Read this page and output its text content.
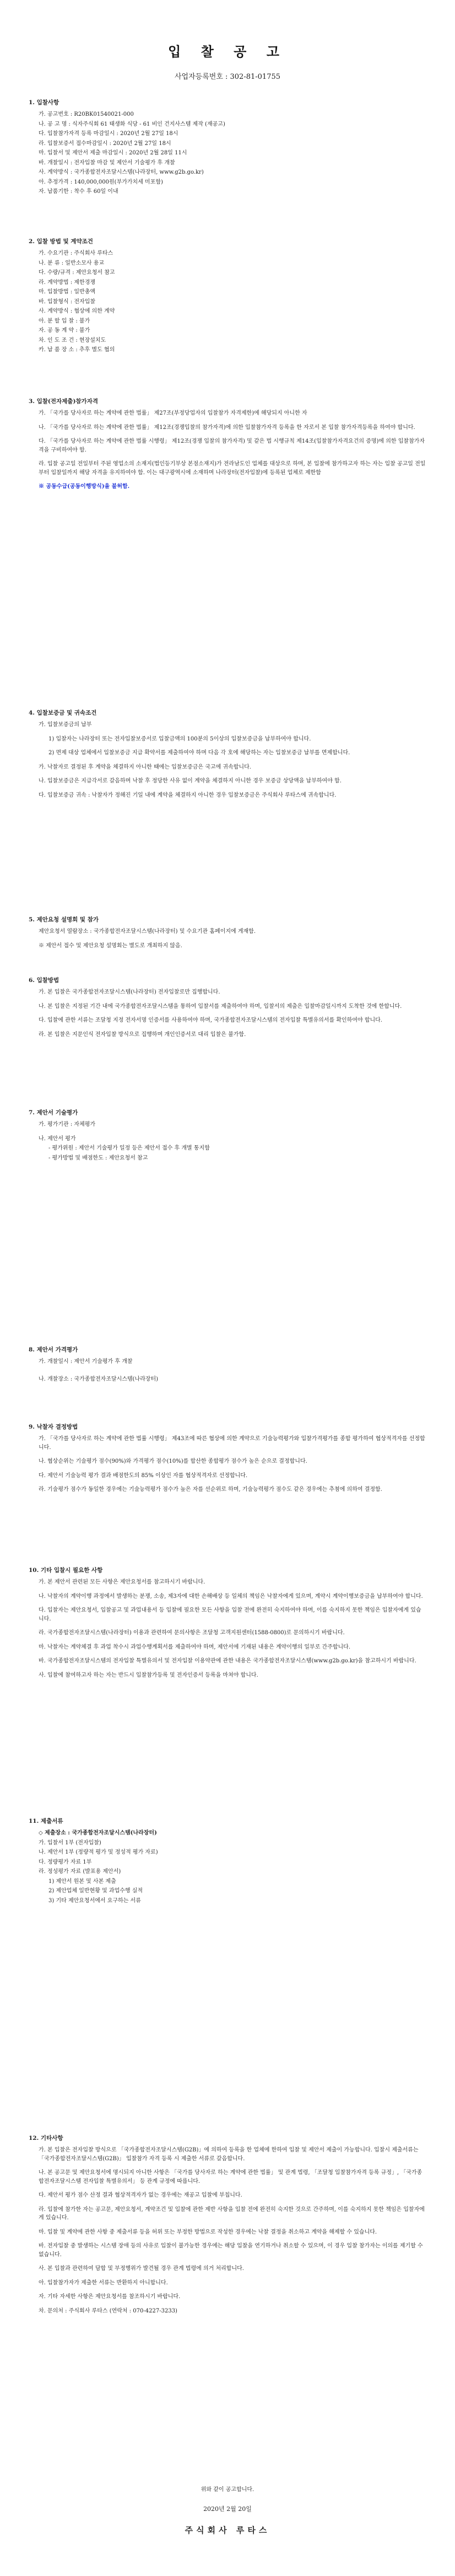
입 찰 공 고
사업자등록번호 : 302-81-01755
1. 입찰사항
가. 공고번호 : R20BK01540021-000
나. 공 고 명 : 식자주식회 61 태생화 식당 - 61 비인 건지사스템 제작 (재공고)
다. 입찰참가자격 등록 마감일시 : 2020년 2월 27일 18시
라. 입찰보증서 접수마감일시 : 2020년 2월 27일 18시
마. 입찰서 및 제안서 제출 마감일시 : 2020년 2월 28일 11시
바. 개찰일시 : 전자입찰 마감 및 제안서 기술평가 후 개찰
사. 계약방식 : 국가종합전자조달시스템(나라장터, www.g2b.go.kr)
아. 추정가격 : 140,000,000원(부가가치세 미포함)
자. 납품기한 : 착수 후 60일 이내
2. 입찰 방법 및 계약조건
가. 수요기관 : 주식회사 루타스
나. 분 류 : 일반소모사 용교
다. 수량/규격 : 제안요청서 참고
라. 계약방법 : 제한경쟁
마. 입찰방법 : 일반총액
바. 입찰형식 : 전자입찰
사. 계약방식 : 협상에 의한 계약
아. 분 할 입 찰 : 불가
자. 공 동 계 약 : 불가
차. 인 도 조 건 : 현장설치도
카. 납 품 장 소 : 추후 별도 협의
3. 입찰(전자제출)참가자격
가. 「국가를 당사자로 하는 계약에 관한 법률」 제27조(부정당업자의 입찰참가 자격제한)에 해당되지 아니한 자
나. 「국가를 당사자로 하는 계약에 관한 법률」 제12조(경쟁입찰의 참가자격)에 의한 입찰참가자격 등록을 한 자로서 본 입찰 참가자격등록을 하여야 합니다.
다. 「국가를 당사자로 하는 계약에 관한 법률 시행령」 제12조(경쟁 입찰의 참가자격) 및 같은 법 시행규칙 제14조(입찰참가자격요건의 증명)에 의한 입찰참가자격을 구비하여야 함.
라. 입찰 공고일 전일부터 주된 영업소의 소재지(법인등기부상 본점소재지)가 전라남도인 업체를 대상으로 하며, 본 입찰에 참가하고자 하는 자는 입찰 공고일 전일부터 입찰일까지 해당 자격을 유지하여야 함. 이는 대구광역시에 소재하며 나라장터(전자입찰)에 등록된 업체로 제한함
※ 공동수급(공동이행방식)을 불허함.
4. 입찰보증금 및 귀속조건
가. 입찰보증금의 납부
1) 입찰자는 나라장터 또는 전자입찰보증서로 입찰금액의 100분의 5이상의 입찰보증금을 납부하여야 합니다.
2) 면제 대상 업체에서 입찰보증금 지급 확약서를 제출하여야 하며 다음 각 호에 해당하는 자는 입찰보증금 납부를 면제합니다.
가. 낙찰자로 결정된 후 계약을 체결하지 아니한 때에는 입찰보증금은 국고에 귀속합니다.
나. 입찰보증금은 지급각서로 갈음하며 낙찰 후 정당한 사유 없이 계약을 체결하지 아니한 경우 보증금 상당액을 납부하여야 함.
다. 입찰보증금 귀속 : 낙찰자가 정해진 기일 내에 계약을 체결하지 아니한 경우 입찰보증금은 주식회사 루타스에 귀속합니다.
5. 제안요청 설명회 및 참가
제안요청서 열람장소 : 국가종합전자조달시스템(나라장터) 및 수요기관 홈페이지에 게재함.
※ 제안서 접수 및 제안요청 설명회는 별도로 개최하지 않음.
6. 입찰방법
가. 본 입찰은 국가종합전자조달시스템(나라장터) 전자입찰로만 집행합니다.
나. 본 입찰은 지정된 기간 내에 국가종합전자조달시스템을 통하여 입찰서를 제출하여야 하며, 입찰서의 제출은 입찰마감일시까지 도착한 것에 한합니다.
다. 입찰에 관한 서류는 조달청 지정 전자서명 인증서를 사용하여야 하며, 국가종합전자조달시스템의 전자입찰 특별유의서를 확인하여야 합니다.
라. 본 입찰은 지문인식 전자입찰 방식으로 집행하며 개인인증서로 대리 입찰은 불가함.
7. 제안서 기술평가
가. 평가기관 : 자체평가
나. 제안서 평가
- 평가위원 : 제안서 기술평가 일정 등은 제안서 접수 후 개별 통지함
- 평가방법 및 배점한도 : 제안요청서 참고
8. 제안서 가격평가
가. 개찰일시 : 제안서 기술평가 후 개찰
나. 개찰장소 : 국가종합전자조달시스템(나라장터)
9. 낙찰자 결정방법
가. 「국가를 당사자로 하는 계약에 관한 법률 시행령」 제43조에 따른 협상에 의한 계약으로 기술능력평가와 입찰가격평가를 종합 평가하여 협상적격자를 선정합니다.
나. 협상순위는 기술평가 점수(90%)와 가격평가 점수(10%)를 합산한 종합평가 점수가 높은 순으로 결정합니다.
다. 제안서 기술능력 평가 결과 배점한도의 85% 이상인 자를 협상적격자로 선정합니다.
라. 기술평가 점수가 동일한 경우에는 기술능력평가 점수가 높은 자를 선순위로 하며, 기술능력평가 점수도 같은 경우에는 추첨에 의하여 결정함.
10. 기타 입찰시 필요한 사항
가. 본 제안서 관련된 모든 사항은 제안요청서를 참고하시기 바랍니다.
나. 낙찰자의 계약이행 과정에서 발생하는 분쟁, 소송, 제3자에 대한 손해배상 등 일체의 책임은 낙찰자에게 있으며, 계약시 계약이행보증금을 납부하여야 합니다.
다. 입찰자는 제안요청서, 입찰공고 및 과업내용서 등 입찰에 필요한 모든 사항을 입찰 전에 완전히 숙지하여야 하며, 이를 숙지하지 못한 책임은 입찰자에게 있습니다.
라. 국가종합전자조달시스템(나라장터) 이용과 관련하여 문의사항은 조달청 고객지원센터(1588-0800)로 문의하시기 바랍니다.
마. 낙찰자는 계약체결 후 과업 착수시 과업수행계획서를 제출하여야 하며, 제안서에 기재된 내용은 계약이행의 일부로 간주합니다.
바. 국가종합전자조달시스템의 전자입찰 특별유의서 및 전자입찰 이용약관에 관한 내용은 국가종합전자조달시스템(www.g2b.go.kr)을 참고하시기 바랍니다.
사. 입찰에 참여하고자 하는 자는 반드시 입찰참가등록 및 전자인증서 등록을 마쳐야 합니다.
11. 제출서류
◇ 제출장소 : 국가종합전자조달시스템(나라장터)
가. 입찰서 1부 (전자입찰)
나. 제안서 1부 (정량적 평가 및 정성적 평가 자료)
다. 정량평가 자료 1부
라. 정성평가 자료 (발표용 제안서)
1) 제안서 원본 및 사본 제출
2) 제안업체 일반현황 및 과업수행 실적
3) 기타 제안요청서에서 요구하는 서류
12. 기타사항
가. 본 입찰은 전자입찰 방식으로 「국가종합전자조달시스템(G2B)」에 의하여 등록을 한 업체에 한하여 입찰 및 제안서 제출이 가능합니다. 입찰시 제출서류는 「국가종합전자조달시스템(G2B)」 입찰참가 자격 등록 시 제출한 서류로 갈음합니다.
나. 본 공고문 및 제안요청서에 명시되지 아니한 사항은 「국가를 당사자로 하는 계약에 관한 법률」 및 관계 법령, 「조달청 입찰참가자격 등록 규정」, 「국가종합전자조달시스템 전자입찰 특별유의서」 등 관계 규정에 따릅니다.
다. 제안서 평가 점수 산정 결과 협상적격자가 없는 경우에는 재공고 입찰에 부칩니다.
라. 입찰에 참가한 자는 공고문, 제안요청서, 계약조건 및 입찰에 관한 제반 사항을 입찰 전에 완전히 숙지한 것으로 간주하며, 이를 숙지하지 못한 책임은 입찰자에게 있습니다.
마. 입찰 및 계약에 관한 사항 중 제출서류 등을 허위 또는 부정한 방법으로 작성한 경우에는 낙찰 결정을 취소하고 계약을 해제할 수 있습니다.
바. 전자입찰 중 발생하는 시스템 장애 등의 사유로 입찰이 불가능한 경우에는 해당 입찰을 연기하거나 취소할 수 있으며, 이 경우 입찰 참가자는 이의를 제기할 수 없습니다.
사. 본 입찰과 관련하여 담합 및 부정행위가 발견될 경우 관계 법령에 의거 처리합니다.
아. 입찰참가자가 제출한 서류는 반환하지 아니합니다.
자. 기타 자세한 사항은 제안요청서를 참조하시기 바랍니다.
차. 문의처 : 주식회사 루타스 (연락처 : 070-4227-3233)
위와 같이 공고합니다.
2020년 2월 20일
주식회사 루타스
